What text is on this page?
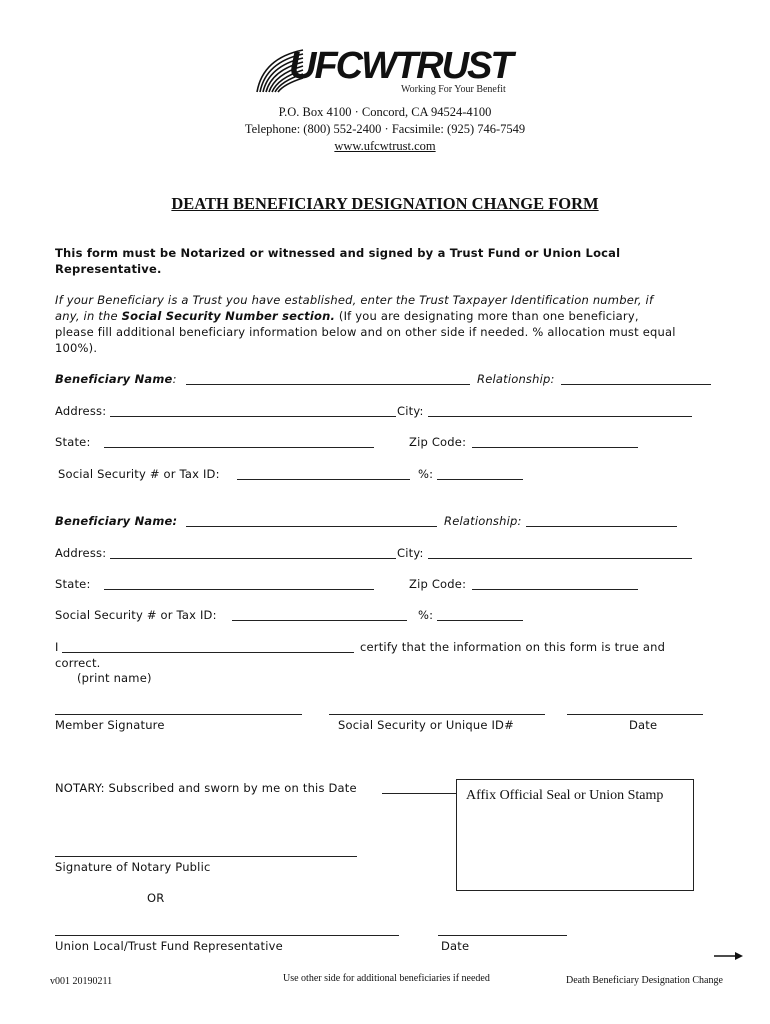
UFCWTRUST
Working For Your Benefit
P.O. Box 4100 · Concord, CA 94524-4100
Telephone: (800) 552-2400 · Facsimile: (925) 746-7549
www.ufcwtrust.com
DEATH BENEFICIARY DESIGNATION CHANGE FORM
This form must be Notarized or witnessed and signed by a Trust Fund or Union Local
Representative.
If your Beneficiary is a Trust you have established, enter the Trust Taxpayer Identification number, if
any, in the Social Security Number section. (If you are designating more than one beneficiary,
please fill additional beneficiary information below and on other side if needed. % allocation must equal
100%).
Beneficiary Name:	Relationship:
Address:	City:
State:	Zip Code:
Social Security # or Tax ID:	%:
Beneficiary Name:	Relationship:
Address:	City:
State:	Zip Code:
Social Security # or Tax ID:	%:
I	certify that the information on this form is true and
correct.
(print name)
Member Signature	Social Security or Unique ID#	Date
NOTARY: Subscribed and sworn by me on this Date	Affix Official Seal or Union Stamp
Signature of Notary Public
OR
Union Local/Trust Fund Representative	Date
v001 20190211	Use other side for additional beneficiaries if needed	Death Beneficiary Designation Change
